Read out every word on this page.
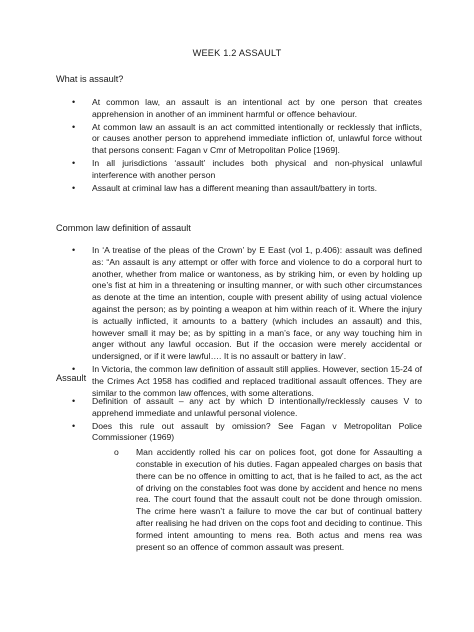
WEEK 1.2 ASSAULT
What is assault?
• At common law, an assault is an intentional act by one person that creates apprehension in another of an imminent harmful or offence behaviour.
• At common law an assault is an act committed intentionally or recklessly that inflicts, or causes another person to apprehend immediate infliction of, unlawful force without that persons consent: Fagan v Cmr of Metropolitan Police [1969].
• In all jurisdictions ‘assault’ includes both physical and non-physical unlawful interference with another person
• Assault at criminal law has a different meaning than assault/battery in torts.
Common law definition of assault
• In ‘A treatise of the pleas of the Crown’ by E East (vol 1, p.406): assault was defined as: “An assault is any attempt or offer with force and violence to do a corporal hurt to another, whether from malice or wantoness, as by striking him, or even by holding up one’s fist at him in a threatening or insulting manner, or with such other circumstances as denote at the time an intention, couple with present ability of using actual violence against the person; as by pointing a weapon at him within reach of it. Where the injury is actually inflicted, it amounts to a battery (which includes an assault) and this, however small it may be; as by spitting in a man’s face, or any way touching him in anger without any lawful occasion. But if the occasion were merely accidental or undersigned, or if it were lawful…. It is no assault or battery in law’.
• In Victoria, the common law definition of assault still applies. However, section 15-24 of the Crimes Act 1958 has codified and replaced traditional assault offences. They are similar to the common law offences, with some alterations.
Assault
• Definition of assault – any act by which D intentionally/recklessly causes V to apprehend immediate and unlawful personal violence.
• Does this rule out assault by omission? See Fagan v Metropolitan Police Commissioner (1969)
o Man accidently rolled his car on polices foot, got done for Assaulting a constable in execution of his duties. Fagan appealed charges on basis that there can be no offence in omitting to act, that is he failed to act, as the act of driving on the constables foot was done by accident and hence no mens rea. The court found that the assault coult not be done through omission. The crime here wasn’t a failure to move the car but of continual battery after realising he had driven on the cops foot and deciding to continue. This formed intent amounting to mens rea. Both actus and mens rea was present so an offence of common assault was present.
